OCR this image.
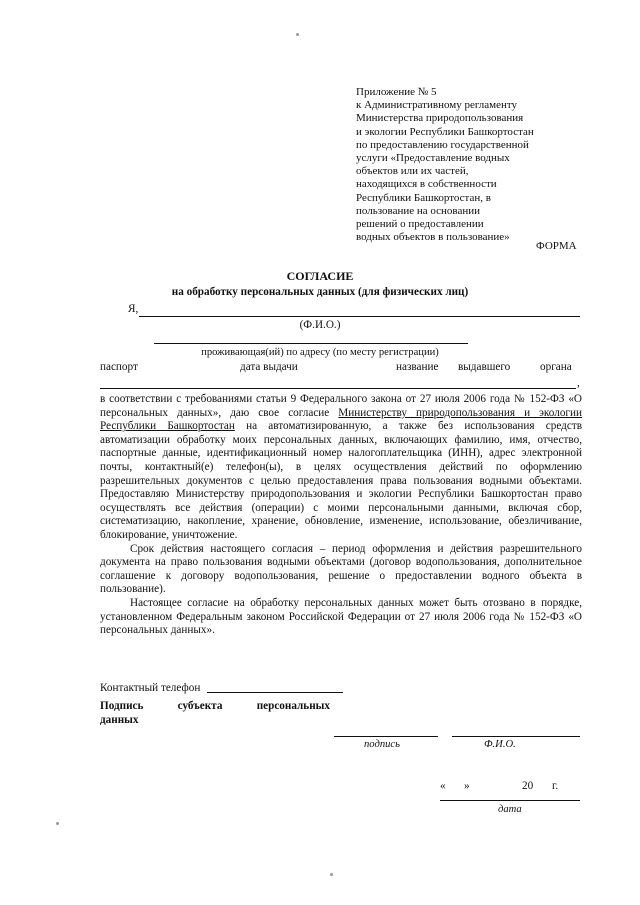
Приложение № 5
к Административному регламенту
Министерства природопользования
и экологии Республики Башкортостан
по предоставлению государственной
услуги «Предоставление водных
объектов или их частей,
находящихся в собственности
Республики Башкортостан, в
пользование на основании
решений о предоставлении
водных объектов в пользование»
ФОРМА
СОГЛАСИЕ
на обработку персональных данных (для физических лиц)
Я,
(Ф.И.О.)
проживающая(ий) по адресу (по месту регистрации)
паспорт	дата выдачи	название выдавшего	органа
,

в соответствии с требованиями статьи 9 Федерального закона от 27 июля 2006 года № 152-ФЗ «О персональных данных», даю свое согласие Министерству природопользования и экологии Республики Башкортостан на автоматизированную, а также без использования средств автоматизации обработку моих персональных данных, включающих фамилию, имя, отчество, паспортные данные, идентификационный номер налогоплательщика (ИНН), адрес электронной почты, контактный(е) телефон(ы), в целях осуществления действий по оформлению разрешительных документов с целью предоставления права пользования водными объектами. Предоставляю Министерству природопользования и экологии Республики Башкортостан право осуществлять все действия (операции) с моими персональными данными, включая сбор, систематизацию, накопление, хранение, обновление, изменение, использование, обезличивание, блокирование, уничтожение.

Срок действия настоящего согласия – период оформления и действия разрешительного документа на право пользования водными объектами (договор водопользования, дополнительное соглашение к договору водопользования, решение о предоставлении водного объекта в пользование).

Настоящее согласие на обработку персональных данных может быть отозвано в порядке, установленном Федеральным законом Российской Федерации от 27 июля 2006 года № 152-ФЗ «О персональных данных».

Контактный телефон
Подпись	субъекта	персональных
данных
подпись	Ф.И.О.
« »	20 г.
дата
